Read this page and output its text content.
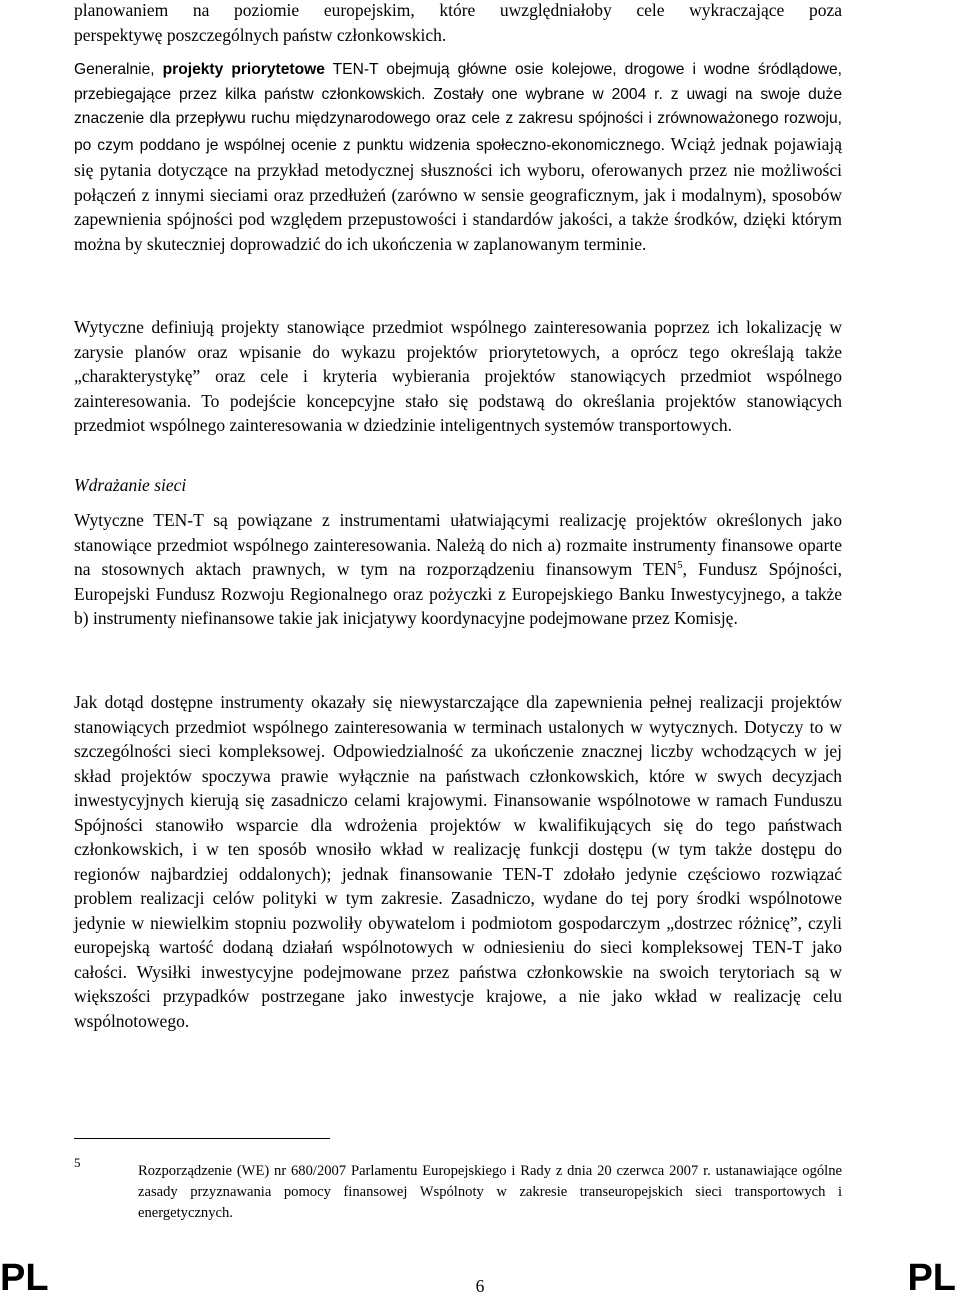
planowaniem na poziomie europejskim, które uwzględniałoby cele wykraczające poza
perspektywę poszczególnych państw członkowskich.

Generalnie, projekty priorytetowe TEN-T obejmują główne osie kolejowe, drogowe i wodne śródlądowe, przebiegające przez kilka państw członkowskich. Zostały one wybrane w 2004 r. z uwagi na swoje duże znaczenie dla przepływu ruchu międzynarodowego oraz cele z zakresu spójności i zrównoważonego rozwoju, po czym poddano je wspólnej ocenie z punktu widzenia społeczno-ekonomicznego. Wciąż jednak pojawiają się pytania dotyczące na przykład metodycznej słuszności ich wyboru, oferowanych przez nie możliwości połączeń z innymi sieciami oraz przedłużeń (zarówno w sensie geograficznym, jak i modalnym), sposobów zapewnienia spójności pod względem przepustowości i standardów jakości, a także środków, dzięki którym można by skuteczniej doprowadzić do ich ukończenia w zaplanowanym terminie.

Wytyczne definiują projekty stanowiące przedmiot wspólnego zainteresowania poprzez ich lokalizację w zarysie planów oraz wpisanie do wykazu projektów priorytetowych, a oprócz tego określają także „charakterystykę” oraz cele i kryteria wybierania projektów stanowiących przedmiot wspólnego zainteresowania. To podejście koncepcyjne stało się podstawą do określania projektów stanowiących przedmiot wspólnego zainteresowania w dziedzinie inteligentnych systemów transportowych.

Wdrażanie sieci

Wytyczne TEN-T są powiązane z instrumentami ułatwiającymi realizację projektów określonych jako stanowiące przedmiot wspólnego zainteresowania. Należą do nich a) rozmaite instrumenty finansowe oparte na stosownych aktach prawnych, w tym na rozporządzeniu finansowym TEN$^5$, Fundusz Spójności, Europejski Fundusz Rozwoju Regionalnego oraz pożyczki z Europejskiego Banku Inwestycyjnego, a także b) instrumenty niefinansowe takie jak inicjatywy koordynacyjne podejmowane przez Komisję.

Jak dotąd dostępne instrumenty okazały się niewystarczające dla zapewnienia pełnej realizacji projektów stanowiących przedmiot wspólnego zainteresowania w terminach ustalonych w wytycznych. Dotyczy to w szczególności sieci kompleksowej. Odpowiedzialność za ukończenie znacznej liczby wchodzących w jej skład projektów spoczywa prawie wyłącznie na państwach członkowskich, które w swych decyzjach inwestycyjnych kierują się zasadniczo celami krajowymi. Finansowanie wspólnotowe w ramach Funduszu Spójności stanowiło wsparcie dla wdrożenia projektów w kwalifikujących się do tego państwach członkowskich, i w ten sposób wnosiło wkład w realizację funkcji dostępu (w tym także dostępu do regionów najbardziej oddalonych); jednak finansowanie TEN-T zdołało jedynie częściowo rozwiązać problem realizacji celów polityki w tym zakresie. Zasadniczo, wydane do tej pory środki wspólnotowe jedynie w niewielkim stopniu pozwoliły obywatelom i podmiotom gospodarczym „dostrzec różnicę”, czyli europejską wartość dodaną działań wspólnotowych w odniesieniu do sieci kompleksowej TEN-T jako całości. Wysiłki inwestycyjne podejmowane przez państwa członkowskie na swoich terytoriach są w większości przypadków postrzegane jako inwestycje krajowe, a nie jako wkład w realizację celu wspólnotowego.

5

Rozporządzenie (WE) nr 680/2007 Parlamentu Europejskiego i Rady z dnia 20 czerwca 2007 r. ustanawiające ogólne zasady przyznawania pomocy finansowej Wspólnoty w zakresie transeuropejskich sieci transportowych i energetycznych.

PL	6	PL
